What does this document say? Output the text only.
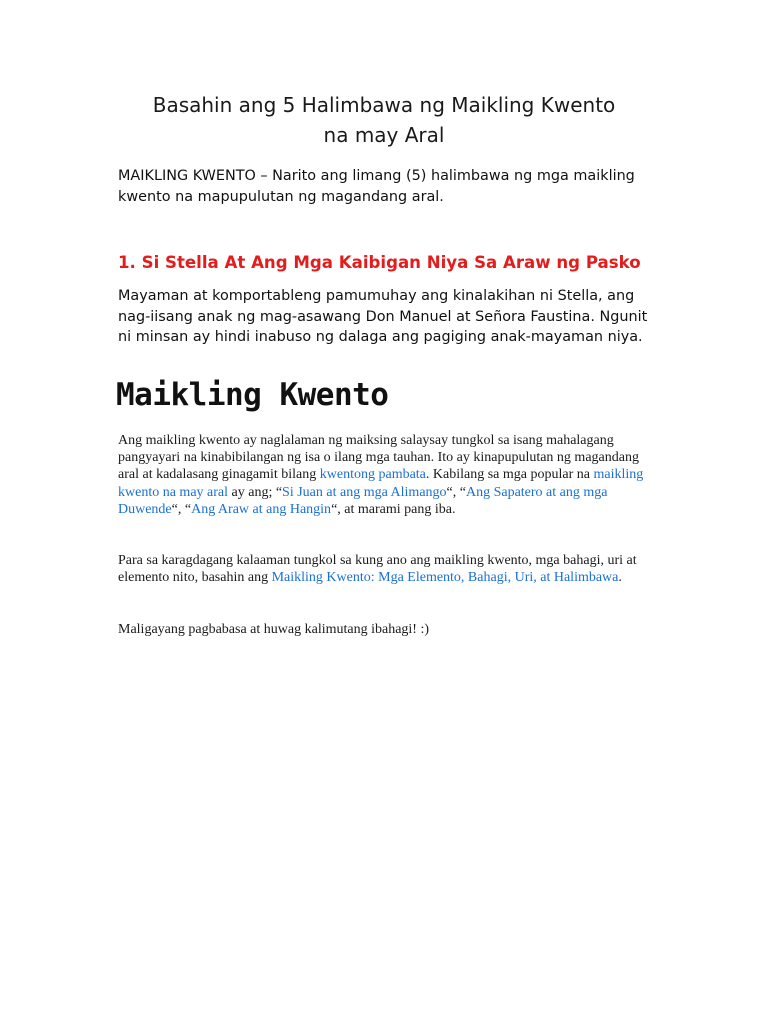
Basahin ang 5 Halimbawa ng Maikling Kwento
na may Aral

MAIKLING KWENTO – Narito ang limang (5) halimbawa ng mga maikling kwento na mapupulutan ng magandang aral.

1. Si Stella At Ang Mga Kaibigan Niya Sa Araw ng Pasko

Mayaman at komportableng pamumuhay ang kinalakihan ni Stella, ang nag-iisang anak ng mag-asawang Don Manuel at Señora Faustina. Ngunit ni minsan ay hindi inabuso ng dalaga ang pagiging anak-mayaman niya.

Maikling Kwento

Ang maikling kwento ay naglalaman ng maiksing salaysay tungkol sa isang mahalagang pangyayari na kinabibilangan ng isa o ilang mga tauhan. Ito ay kinapupulutan ng magandang aral at kadalasang ginagamit bilang kwentong pambata. Kabilang sa mga popular na maikling kwento na may aral ay ang; “Si Juan at ang mga Alimango“, “Ang Sapatero at ang mga Duwende“, “Ang Araw at ang Hangin“, at marami pang iba.

Para sa karagdagang kalaaman tungkol sa kung ano ang maikling kwento, mga bahagi, uri at elemento nito, basahin ang Maikling Kwento: Mga Elemento, Bahagi, Uri, at Halimbawa.

Maligayang pagbabasa at huwag kalimutang ibahagi! :)
